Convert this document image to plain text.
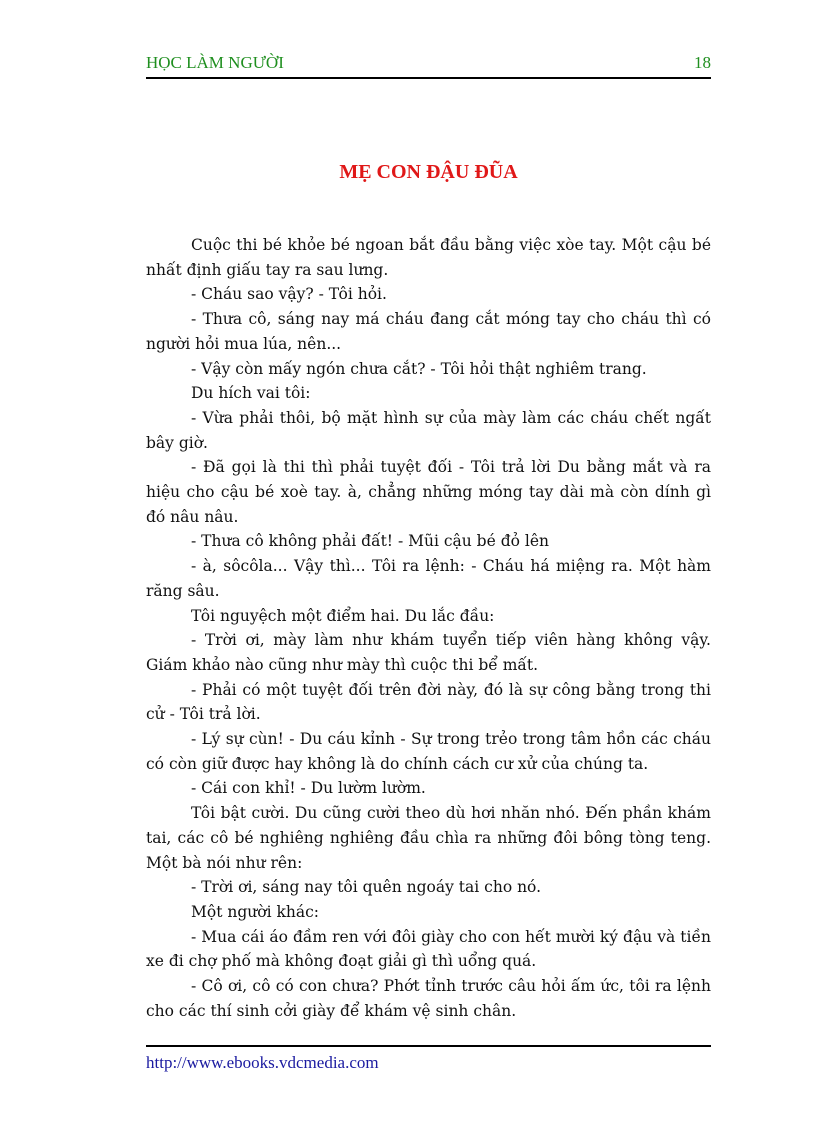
HỌC LÀM NGƯỜI	18
MẸ CON ĐẬU ĐŨA

Cuộc thi bé khỏe bé ngoan bắt đầu bằng việc xòe tay. Một cậu bé nhất định giấu tay ra sau lưng.

- Cháu sao vậy? - Tôi hỏi.

- Thưa cô, sáng nay má cháu đang cắt móng tay cho cháu thì có người hỏi mua lúa, nên...

- Vậy còn mấy ngón chưa cắt? - Tôi hỏi thật nghiêm trang.

Du hích vai tôi:

- Vừa phải thôi, bộ mặt hình sự của mày làm các cháu chết ngất bây giờ.

- Đã gọi là thi thì phải tuyệt đối - Tôi trả lời Du bằng mắt và ra hiệu cho cậu bé xoè tay. à, chẳng những móng tay dài mà còn dính gì đó nâu nâu.

- Thưa cô không phải đất! - Mũi cậu bé đỏ lên

- à, sôcôla... Vậy thì... Tôi ra lệnh: - Cháu há miệng ra. Một hàm răng sâu.

Tôi nguyệch một điểm hai. Du lắc đầu:

- Trời ơi, mày làm như khám tuyển tiếp viên hàng không vậy. Giám khảo nào cũng như mày thì cuộc thi bể mất.

- Phải có một tuyệt đối trên đời này, đó là sự công bằng trong thi cử - Tôi trả lời.

- Lý sự cùn! - Du cáu kỉnh - Sự trong trẻo trong tâm hồn các cháu có còn giữ được hay không là do chính cách cư xử của chúng ta.

- Cái con khỉ! - Du lườm lườm.

Tôi bật cười. Du cũng cười theo dù hơi nhăn nhó. Đến phần khám tai, các cô bé nghiêng nghiêng đầu chìa ra những đôi bông tòng teng. Một bà nói như rên:

- Trời ơi, sáng nay tôi quên ngoáy tai cho nó.

Một người khác:

- Mua cái áo đầm ren với đôi giày cho con hết mười ký đậu và tiền xe đi chợ phố mà không đoạt giải gì thì uổng quá.

- Cô ơi, cô có con chưa? Phớt tỉnh trước câu hỏi ấm ức, tôi ra lệnh cho các thí sinh cởi giày để khám vệ sinh chân.

http://www.ebooks.vdcmedia.com
